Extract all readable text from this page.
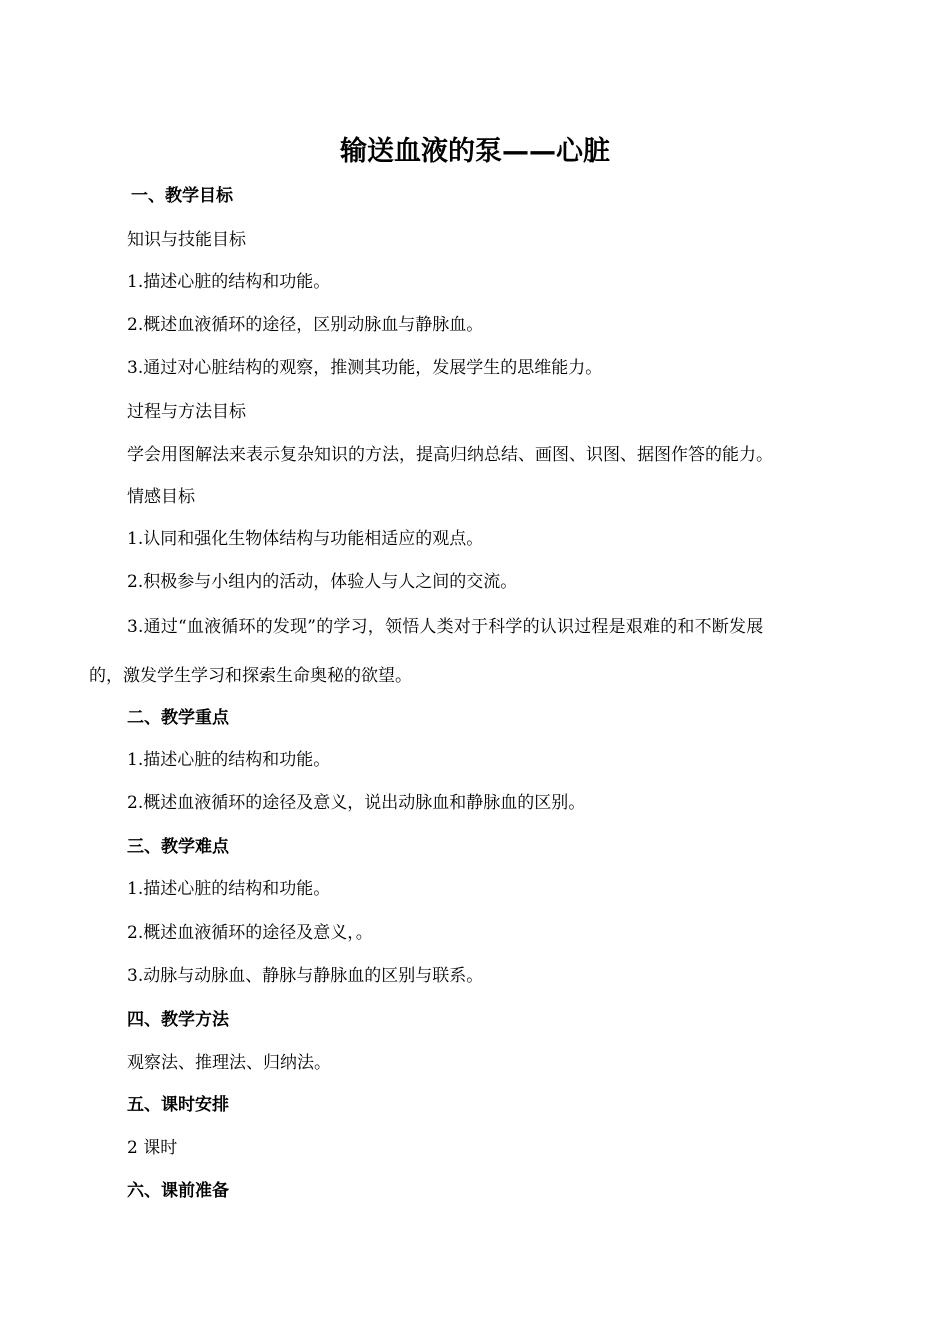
输送血液的泵——心脏
一、教学目标
知识与技能目标
1.描述心脏的结构和功能。
2.概述血液循环的途径，区别动脉血与静脉血。
3.通过对心脏结构的观察，推测其功能，发展学生的思维能力。
过程与方法目标
学会用图解法来表示复杂知识的方法，提高归纳总结、画图、识图、据图作答的能力。
情感目标
1.认同和强化生物体结构与功能相适应的观点。
2.积极参与小组内的活动，体验人与人之间的交流。
3.通过“血液循环的发现”的学习，领悟人类对于科学的认识过程是艰难的和不断发展
的，激发学生学习和探索生命奥秘的欲望。
二、教学重点
1.描述心脏的结构和功能。
2.概述血液循环的途径及意义，说出动脉血和静脉血的区别。
三、教学难点
1.描述心脏的结构和功能。
2.概述血液循环的途径及意义，。
3.动脉与动脉血、静脉与静脉血的区别与联系。
四、教学方法
观察法、推理法、归纳法。
五、课时安排
2 课时
六、课前准备
